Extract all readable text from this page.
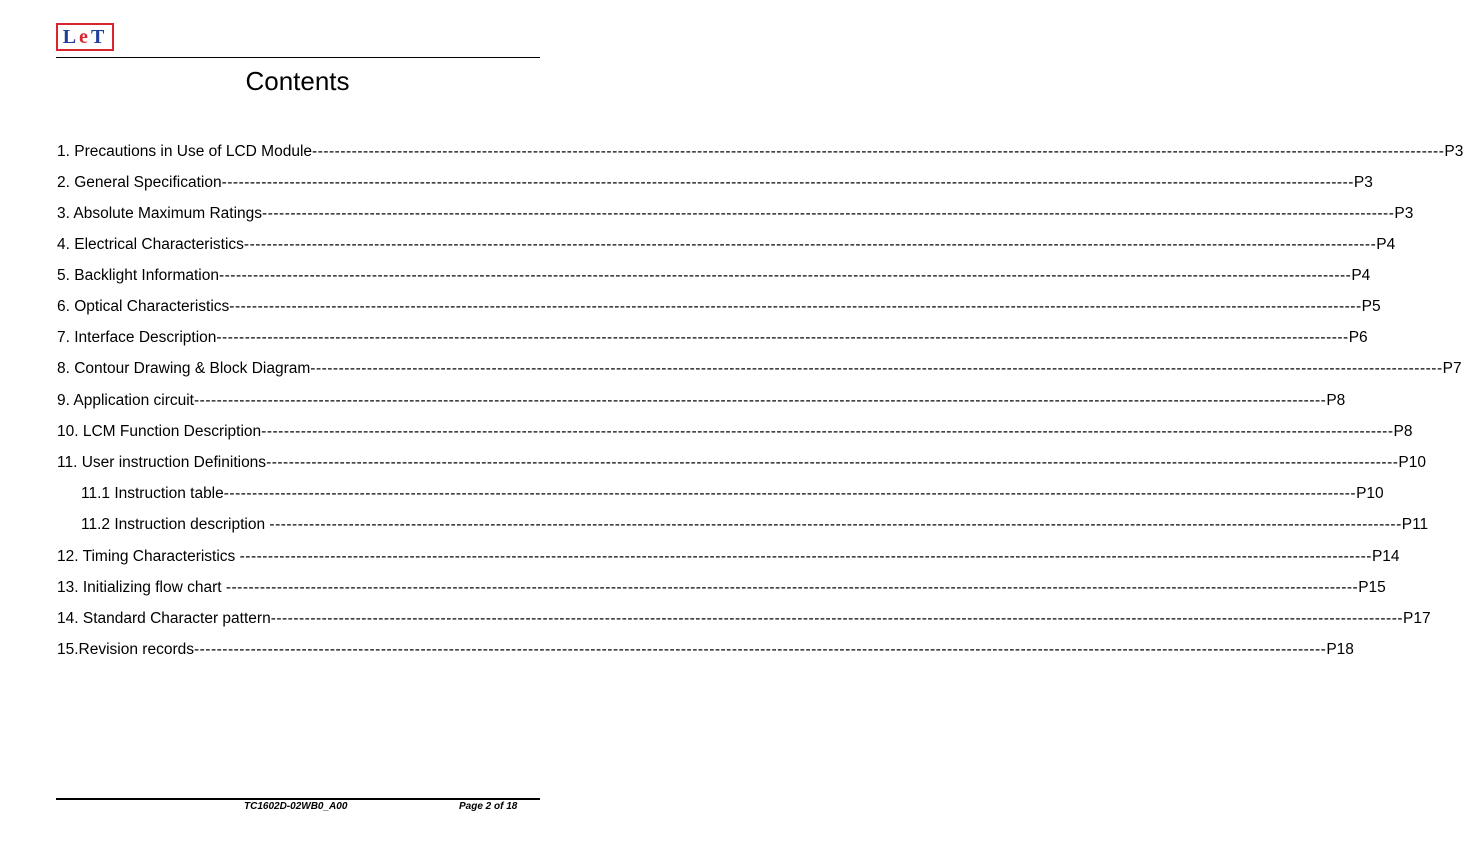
L e T
Contents
1. Precautions in Use of LCD Module -------------------------------------------------------------------------------------------------------------------------------------------------------------------------------------------------------- P3
2. General Specification -------------------------------------------------------------------------------------------------------------------------------------------------------------------------------------------------------- P3
3. Absolute Maximum Ratings -------------------------------------------------------------------------------------------------------------------------------------------------------------------------------------------------------- P3
4. Electrical Characteristics -------------------------------------------------------------------------------------------------------------------------------------------------------------------------------------------------------- P4
5. Backlight Information -------------------------------------------------------------------------------------------------------------------------------------------------------------------------------------------------------- P4
6. Optical Characteristics -------------------------------------------------------------------------------------------------------------------------------------------------------------------------------------------------------- P5
7. Interface Description -------------------------------------------------------------------------------------------------------------------------------------------------------------------------------------------------------- P6
8. Contour Drawing & Block Diagram -------------------------------------------------------------------------------------------------------------------------------------------------------------------------------------------------------- P7
9. Application circuit -------------------------------------------------------------------------------------------------------------------------------------------------------------------------------------------------------- P8
10. LCM Function Description -------------------------------------------------------------------------------------------------------------------------------------------------------------------------------------------------------- P8
11. User instruction Definitions -------------------------------------------------------------------------------------------------------------------------------------------------------------------------------------------------------- P10
11.1 Instruction table -------------------------------------------------------------------------------------------------------------------------------------------------------------------------------------------------------- P10
11.2 Instruction description -------------------------------------------------------------------------------------------------------------------------------------------------------------------------------------------------------- P11
12. Timing Characteristics -------------------------------------------------------------------------------------------------------------------------------------------------------------------------------------------------------- P14
13. Initializing flow chart -------------------------------------------------------------------------------------------------------------------------------------------------------------------------------------------------------- P15
14. Standard Character pattern -------------------------------------------------------------------------------------------------------------------------------------------------------------------------------------------------------- P17
15.Revision records -------------------------------------------------------------------------------------------------------------------------------------------------------------------------------------------------------- P18
TC1602D-02WB0_A00	Page 2 of 18
